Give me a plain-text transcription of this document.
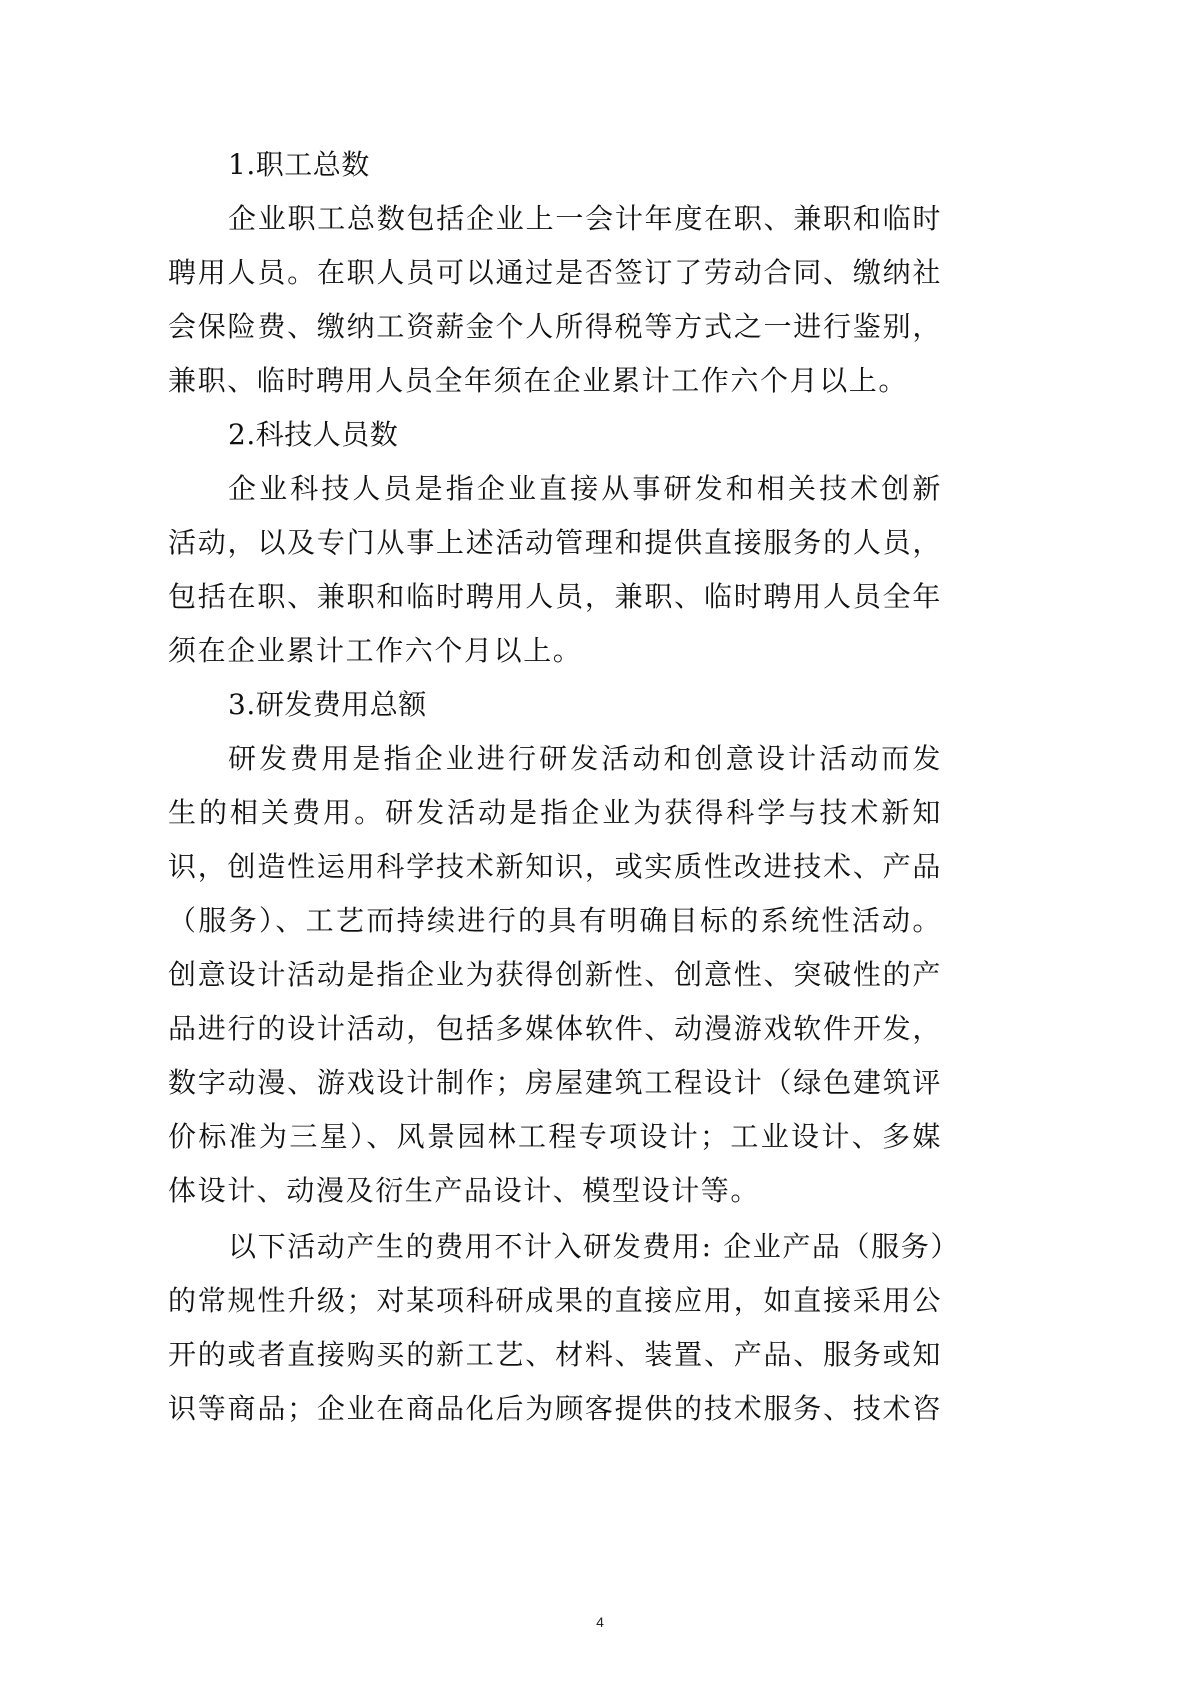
1.职工总数
企业职工总数包括企业上一会计年度在职、兼职和临时
聘用人员。在职人员可以通过是否签订了劳动合同、缴纳社
会保险费、缴纳工资薪金个人所得税等方式之一进行鉴别，
兼职、临时聘用人员全年须在企业累计工作六个月以上。
2.科技人员数
企业科技人员是指企业直接从事研发和相关技术创新
活动，以及专门从事上述活动管理和提供直接服务的人员，
包括在职、兼职和临时聘用人员，兼职、临时聘用人员全年
须在企业累计工作六个月以上。
3.研发费用总额
研发费用是指企业进行研发活动和创意设计活动而发
生的相关费用。研发活动是指企业为获得科学与技术新知
识，创造性运用科学技术新知识，或实质性改进技术、产品
（服务）、工艺而持续进行的具有明确目标的系统性活动。
创意设计活动是指企业为获得创新性、创意性、突破性的产
品进行的设计活动，包括多媒体软件、动漫游戏软件开发，
数字动漫、游戏设计制作；房屋建筑工程设计（绿色建筑评
价标准为三星）、风景园林工程专项设计；工业设计、多媒
体设计、动漫及衍生产品设计、模型设计等。
以下活动产生的费用不计入研发费用: 企业产品（服务）
的常规性升级；对某项科研成果的直接应用，如直接采用公
开的或者直接购买的新工艺、材料、装置、产品、服务或知
识等商品；企业在商品化后为顾客提供的技术服务、技术咨
4
